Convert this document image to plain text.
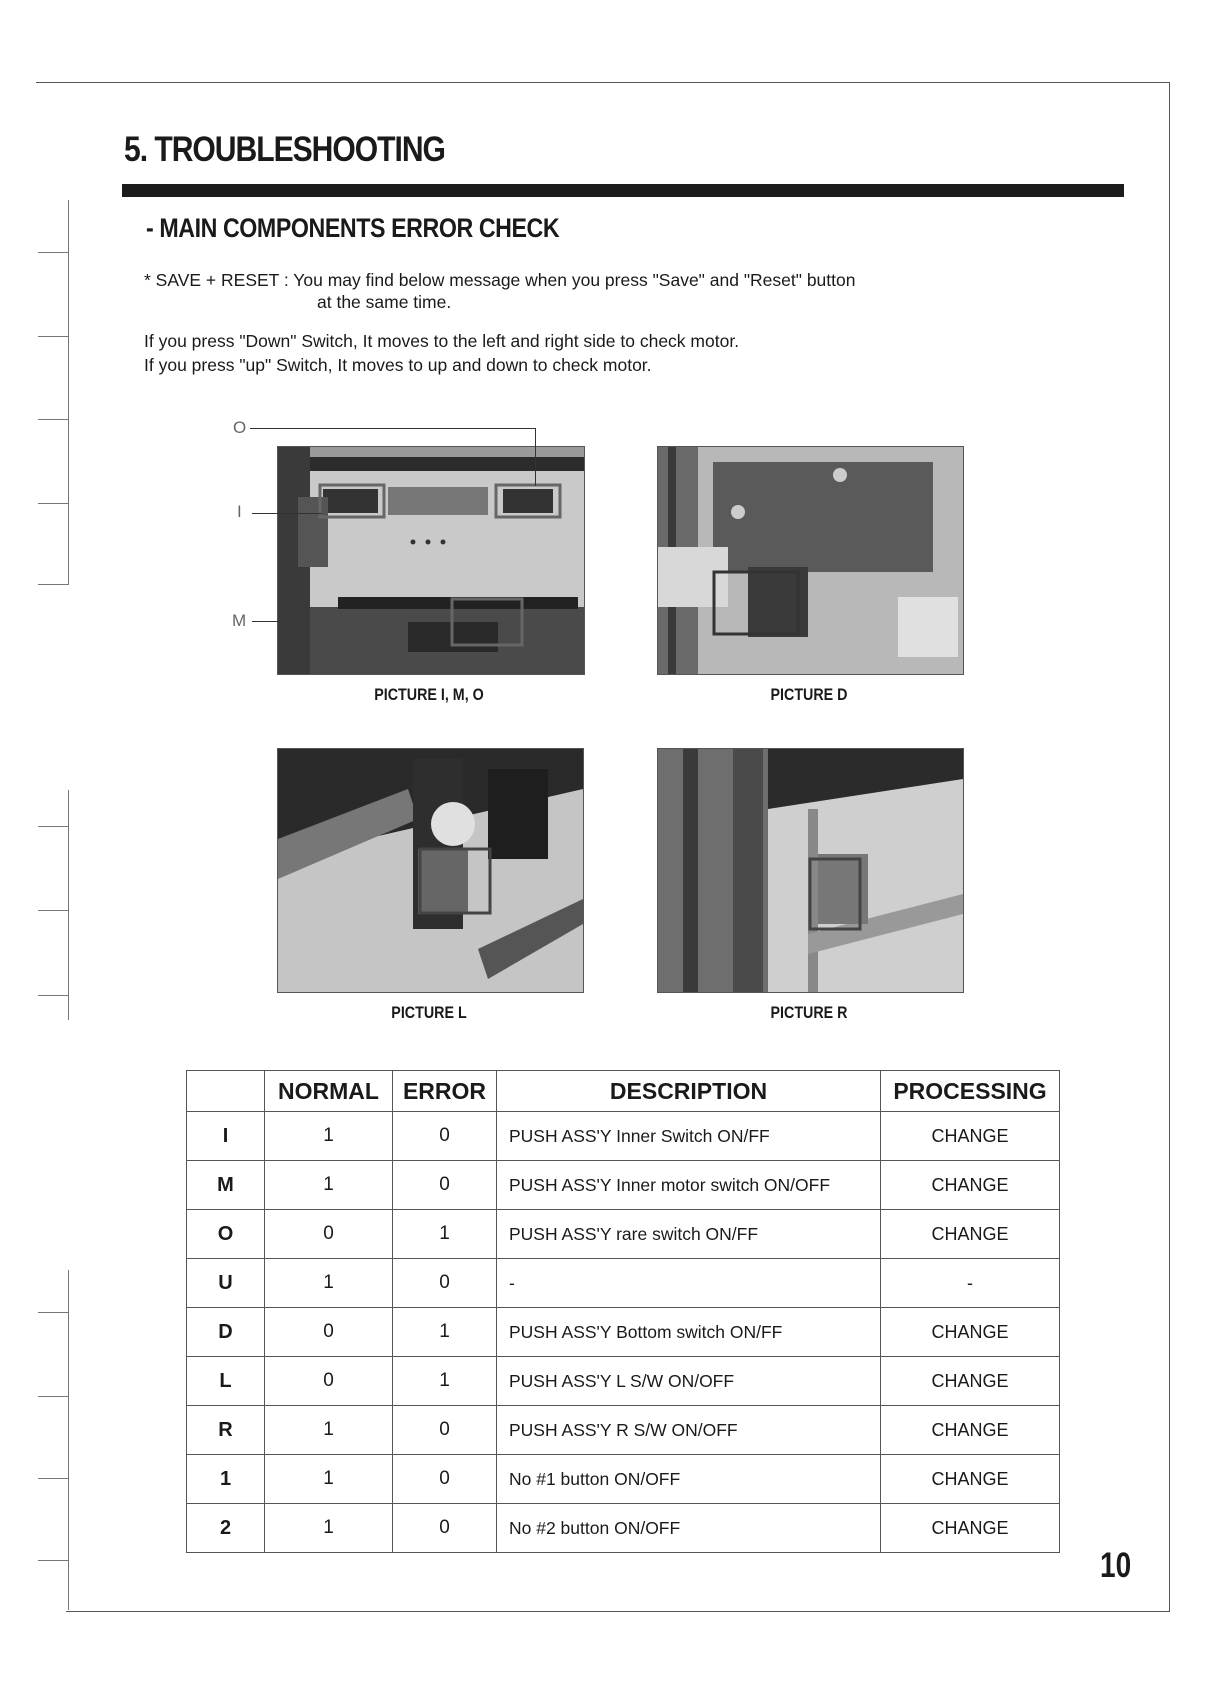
5. TROUBLESHOOTING
- MAIN COMPONENTS ERROR CHECK
* SAVE + RESET : You may find below message when you press "Save" and "Reset" button
at the same time.
If you press "Down" Switch, It moves to the left and right side to check motor.
If you press "up" Switch, It moves to up and down to check motor.
O
I
M
PICTURE I, M, O	PICTURE D
PICTURE L	PICTURE R
	NORMAL	ERROR	DESCRIPTION	PROCESSING
I	1	0	PUSH ASS'Y Inner Switch ON/FF	CHANGE
M	1	0	PUSH ASS'Y Inner motor switch ON/OFF	CHANGE
O	0	1	PUSH ASS'Y rare switch ON/FF	CHANGE
U	1	0	-	-
D	0	1	PUSH ASS'Y Bottom switch ON/FF	CHANGE
L	0	1	PUSH ASS'Y L S/W ON/OFF	CHANGE
R	1	0	PUSH ASS'Y R S/W ON/OFF	CHANGE
1	1	0	No #1 button ON/OFF	CHANGE
2	1	0	No #2 button ON/OFF	CHANGE
10
